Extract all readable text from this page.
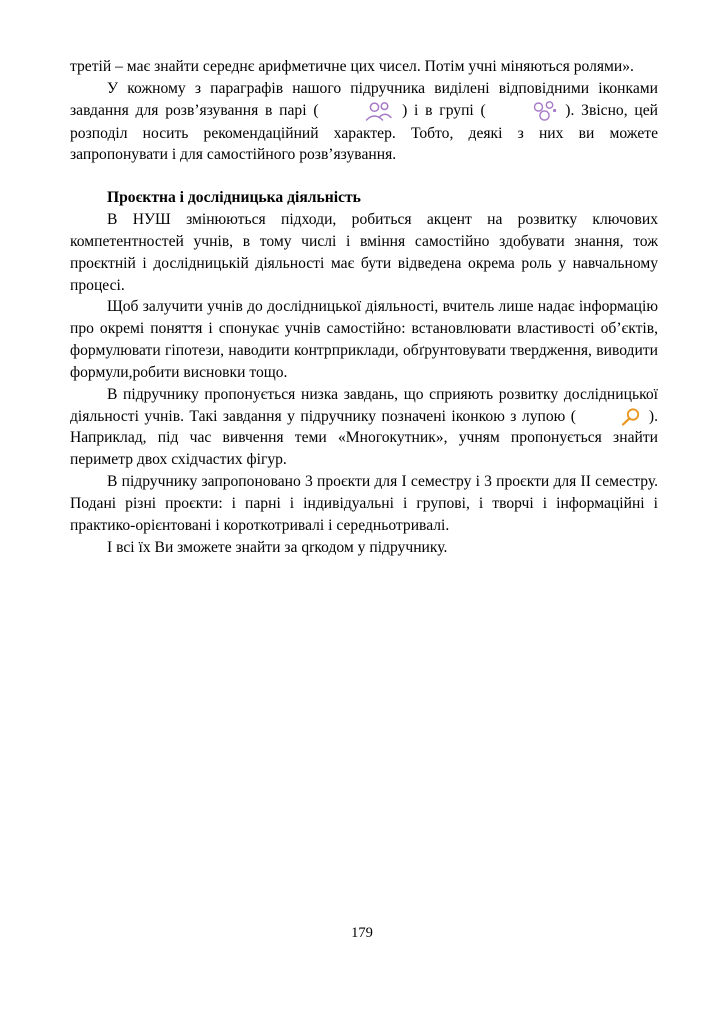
третій – має знайти середнє арифметичне цих чисел. Потім учні міняються ролями».

У кожному з параграфів нашого підручника виділені відповідними іконками завдання для розв’язування в парі (	) і в групі (	). Звісно, цей розподіл носить рекомендаційний характер. Тобто, деякі з них ви можете запропонувати і для самостійного розв’язування.

Проєктна і дослідницька діяльність

В НУШ змінюються підходи, робиться акцент на розвитку ключових компетентностей учнів, в тому числі і вміння самостійно здобувати знання, тож проєктній і дослідницькій діяльності має бути відведена окрема роль у навчальному процесі.

Щоб залучити учнів до дослідницької діяльності, вчитель лише надає інформацію про окремі поняття і спонукає учнів самостійно: встановлювати властивості об’єктів, формулювати гіпотези, наводити контрприклади, обґрунтовувати твердження, виводити формули,робити висновки тощо.

В підручнику пропонується низка завдань, що сприяють розвитку дослідницької діяльності учнів. Такі завдання у підручнику позначені іконкою з лупою (	). Наприклад, під час вивчення теми «Многокутник», учням пропонується знайти периметр двох східчастих фігур.

В підручнику запропоновано 3 проєкти для І семестру і 3 проєкти для ІІ семестру. Подані різні проєкти: і парні і індивідуальні і групові, і творчі і інформаційні і практико-орієнтовані і короткотривалі і середньотривалі.

І всі їх Ви зможете знайти за qrкодом у підручнику.

179
